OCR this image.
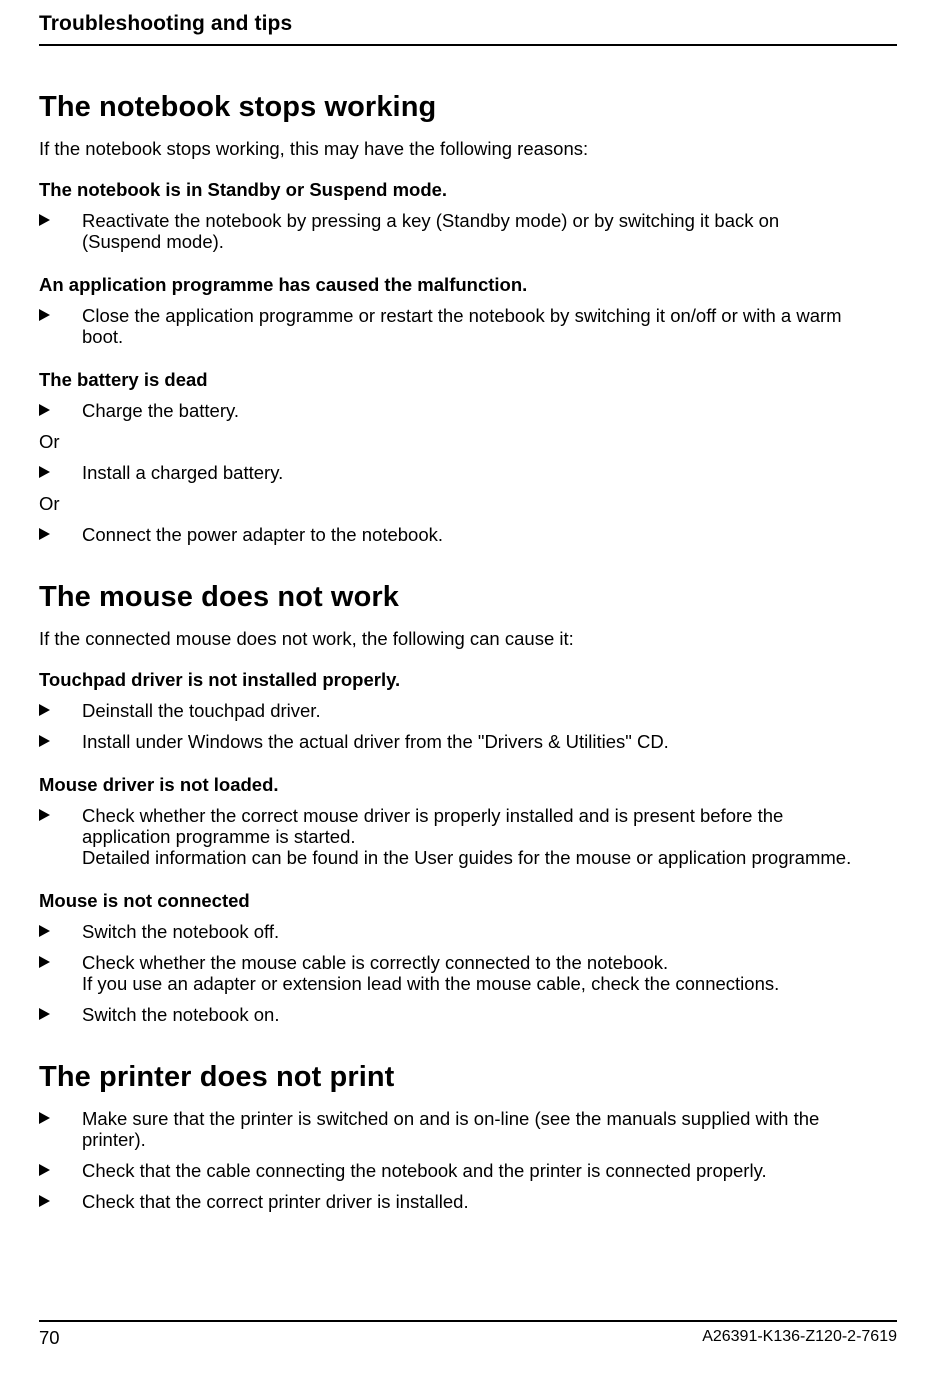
Troubleshooting and tips
The notebook stops working

If the notebook stops working, this may have the following reasons:

The notebook is in Standby or Suspend mode.
Reactivate the notebook by pressing a key (Standby mode) or by switching it back on
(Suspend mode).
An application programme has caused the malfunction.
Close the application programme or restart the notebook by switching it on/off or with a warm
boot.
The battery is dead
Charge the battery.
Or
Install a charged battery.
Or
Connect the power adapter to the notebook.
The mouse does not work

If the connected mouse does not work, the following can cause it:

Touchpad driver is not installed properly.
Deinstall the touchpad driver.
Install under Windows the actual driver from the "Drivers & Utilities" CD.
Mouse driver is not loaded.
Check whether the correct mouse driver is properly installed and is present before the
application programme is started.
Detailed information can be found in the User guides for the mouse or application programme.
Mouse is not connected
Switch the notebook off.
Check whether the mouse cable is correctly connected to the notebook.
If you use an adapter or extension lead with the mouse cable, check the connections.
Switch the notebook on.
The printer does not print
Make sure that the printer is switched on and is on-line (see the manuals supplied with the
printer).
Check that the cable connecting the notebook and the printer is connected properly.
Check that the correct printer driver is installed.
70	A26391-K136-Z120-2-7619
